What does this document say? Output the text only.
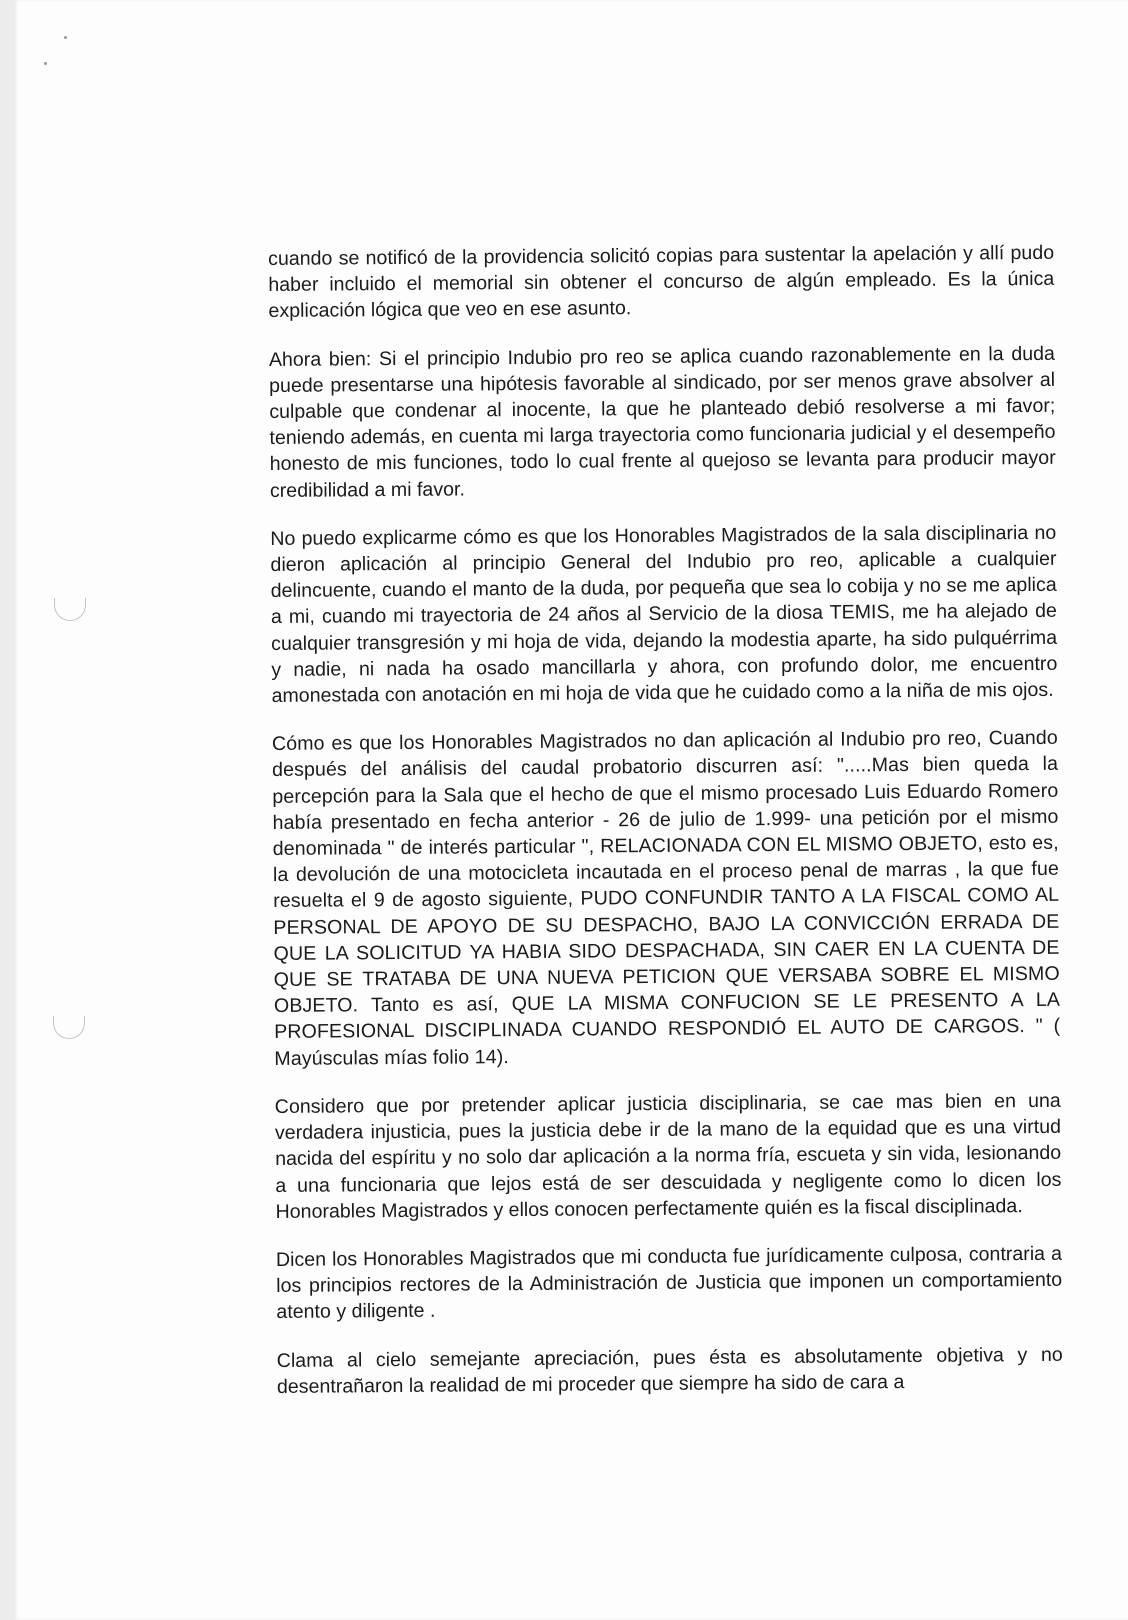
cuando se notificó de la providencia solicitó copias para sustentar la apelación y allí pudo haber incluido el memorial sin obtener el concurso de algún empleado. Es la única explicación lógica que veo en ese asunto.

Ahora bien: Si el principio Indubio pro reo se aplica cuando razonablemente en la duda puede presentarse una hipótesis favorable al sindicado, por ser menos grave absolver al culpable que condenar al inocente, la que he planteado debió resolverse a mi favor; teniendo además, en cuenta mi larga trayectoria como funcionaria judicial y el desempeño honesto de mis funciones, todo lo cual frente al quejoso se levanta para producir mayor credibilidad a mi favor.

No puedo explicarme cómo es que los Honorables Magistrados de la sala disciplinaria no dieron aplicación al principio General del Indubio pro reo, aplicable a cualquier delincuente, cuando el manto de la duda, por pequeña que sea lo cobija y no se me aplica a mi, cuando mi trayectoria de 24 años al Servicio de la diosa TEMIS, me ha alejado de cualquier transgresión y mi hoja de vida, dejando la modestia aparte, ha sido pulquérrima y nadie, ni nada ha osado mancillarla y ahora, con profundo dolor, me encuentro amonestada con anotación en mi hoja de vida que he cuidado como a la niña de mis ojos.

Cómo es que los Honorables Magistrados no dan aplicación al Indubio pro reo, Cuando después del análisis del caudal probatorio discurren así: ".....Mas bien queda la percepción para la Sala que el hecho de que el mismo procesado Luis Eduardo Romero había presentado en fecha anterior - 26 de julio de 1.999- una petición por el mismo denominada " de interés particular ", RELACIONADA CON EL MISMO OBJETO, esto es, la devolución de una motocicleta incautada en el proceso penal de marras , la que fue resuelta el 9 de agosto siguiente, PUDO CONFUNDIR TANTO A LA FISCAL COMO AL PERSONAL DE APOYO DE SU DESPACHO, BAJO LA CONVICCIÓN ERRADA DE QUE LA SOLICITUD YA HABIA SIDO DESPACHADA, SIN CAER EN LA CUENTA DE QUE SE TRATABA DE UNA NUEVA PETICION QUE VERSABA SOBRE EL MISMO OBJETO. Tanto es así, QUE LA MISMA CONFUCION SE LE PRESENTO A LA PROFESIONAL DISCIPLINADA CUANDO RESPONDIÓ EL AUTO DE CARGOS. " ( Mayúsculas mías folio 14).

Considero que por pretender aplicar justicia disciplinaria, se cae mas bien en una verdadera injusticia, pues la justicia debe ir de la mano de la equidad que es una virtud nacida del espíritu y no solo dar aplicación a la norma fría, escueta y sin vida, lesionando a una funcionaria que lejos está de ser descuidada y negligente como lo dicen los Honorables Magistrados y ellos conocen perfectamente quién es la fiscal disciplinada.

Dicen los Honorables Magistrados que mi conducta fue jurídicamente culposa, contraria a los principios rectores de la Administración de Justicia que imponen un comportamiento atento y diligente .

Clama al cielo semejante apreciación, pues ésta es absolutamente objetiva y no desentrañaron la realidad de mi proceder que siempre ha sido de cara a
